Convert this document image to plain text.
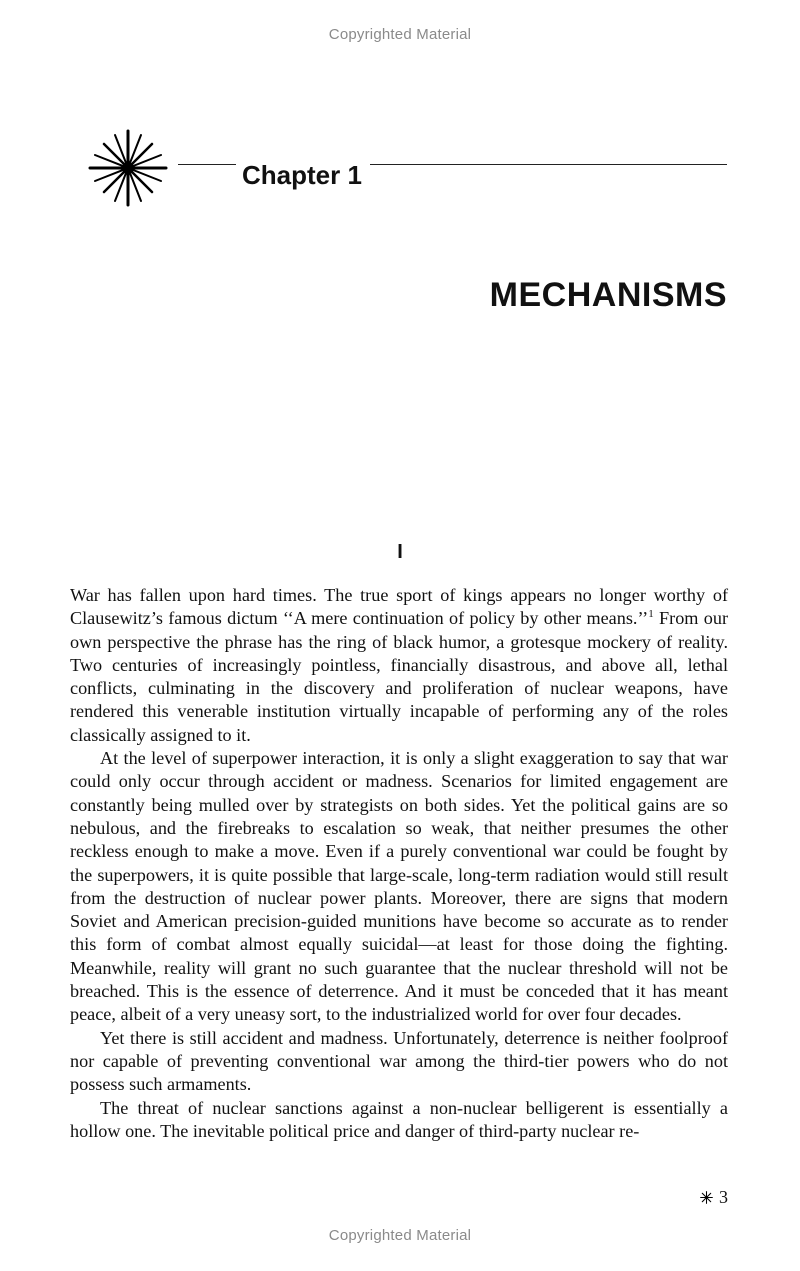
Copyrighted Material
Chapter 1
MECHANISMS
I

War has fallen upon hard times. The true sport of kings appears no longer worthy of Clausewitz’s famous dictum ‘‘A mere continuation of policy by other means.’’$^1$ From our own perspective the phrase has the ring of black humor, a grotesque mockery of reality. Two centuries of increasingly pointless, financially disastrous, and above all, lethal conflicts, culminating in the discovery and proliferation of nuclear weapons, have rendered this venerable institution virtually incapable of performing any of the roles classically assigned to it.

At the level of superpower interaction, it is only a slight exaggeration to say that war could only occur through accident or madness. Scenarios for limited engagement are constantly being mulled over by strategists on both sides. Yet the political gains are so nebulous, and the firebreaks to escalation so weak, that neither presumes the other reckless enough to make a move. Even if a purely conventional war could be fought by the superpowers, it is quite possible that large-scale, long-term radiation would still result from the destruction of nuclear power plants. Moreover, there are signs that modern Soviet and American precision-guided munitions have become so accurate as to render this form of combat almost equally suicidal—at least for those doing the fighting. Meanwhile, reality will grant no such guarantee that the nuclear threshold will not be breached. This is the essence of deterrence. And it must be conceded that it has meant peace, albeit of a very uneasy sort, to the industrialized world for over four decades.

Yet there is still accident and madness. Unfortunately, deterrence is neither foolproof nor capable of preventing conventional war among the third-tier powers who do not possess such armaments.

The threat of nuclear sanctions against a non-nuclear belligerent is essentially a hollow one. The inevitable political price and danger of third-party nuclear re-

3
Copyrighted Material
